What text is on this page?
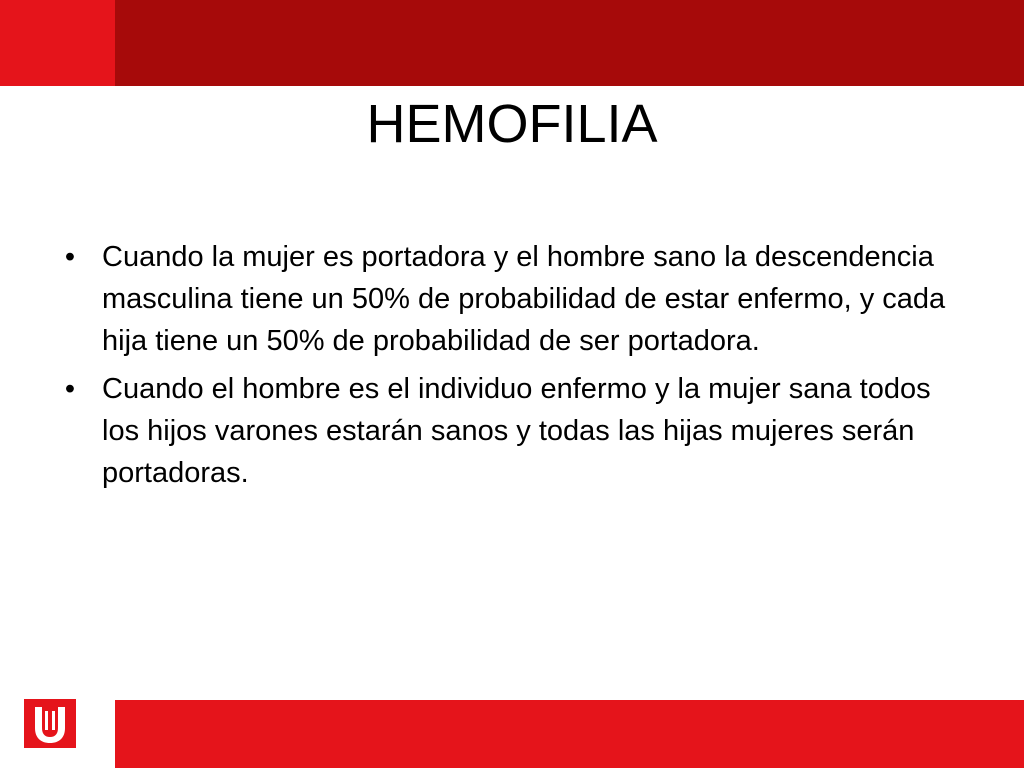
HEMOFILIA
• Cuando la mujer es portadora y el hombre sano la descendencia masculina tiene un 50% de probabilidad de estar enfermo, y cada hija tiene un 50% de probabilidad de ser portadora.
• Cuando el hombre es el individuo enfermo y la mujer sana todos los hijos varones estarán sanos y todas las hijas mujeres serán portadoras.
